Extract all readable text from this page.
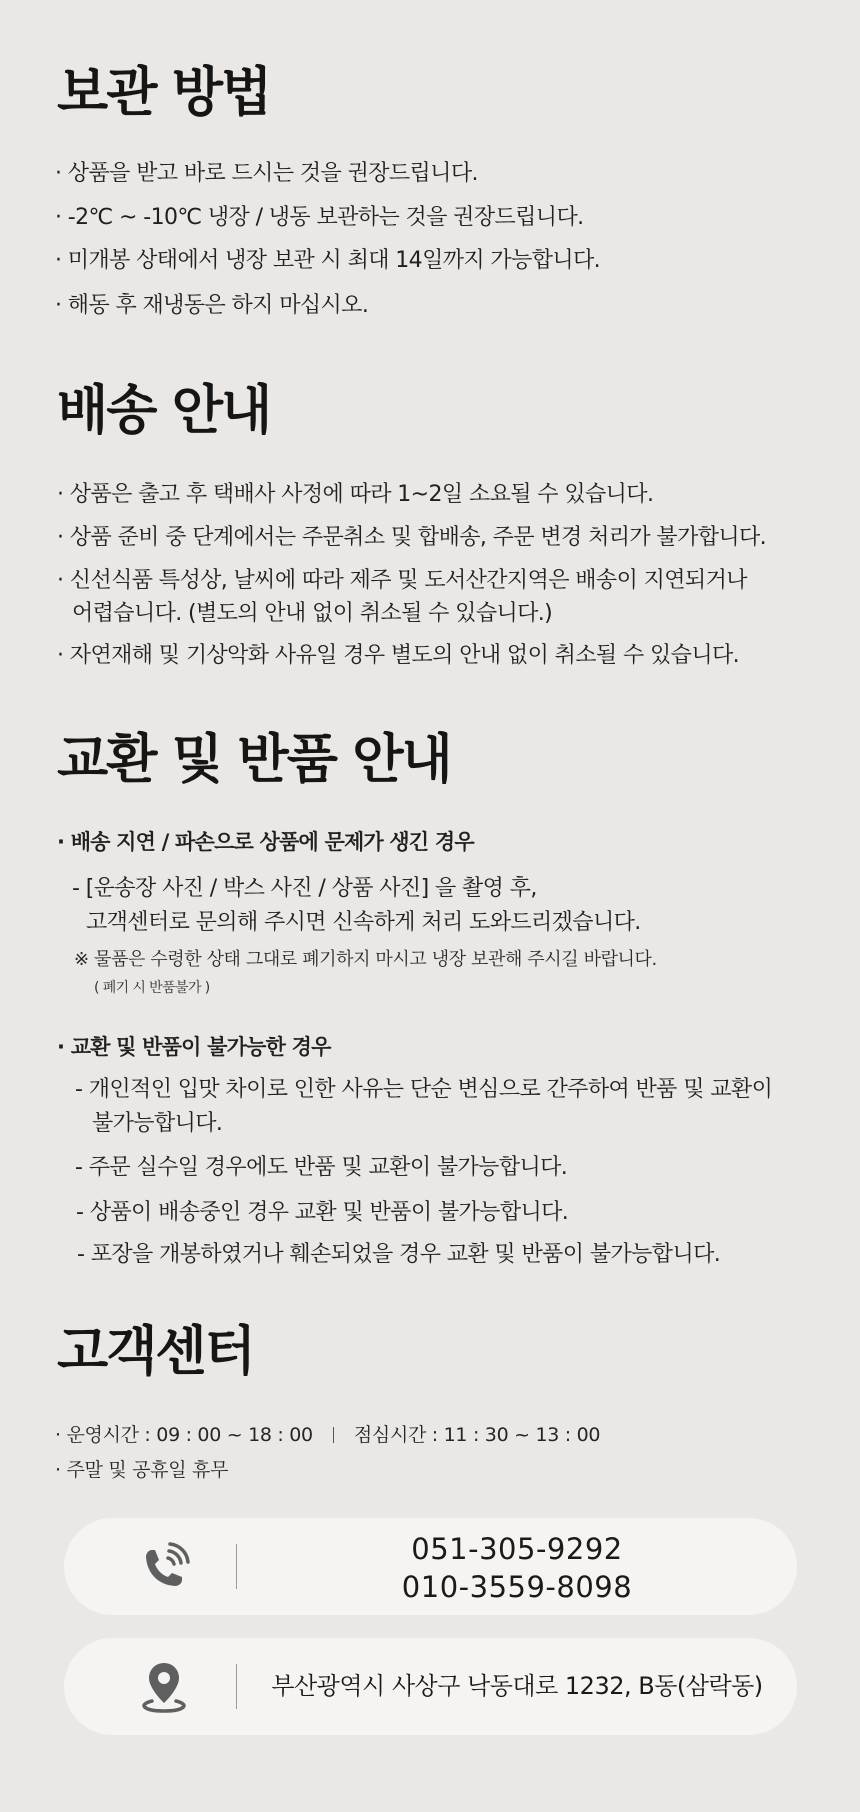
보관 방법
· 상품을 받고 바로 드시는 것을 권장드립니다.
· -2℃ ~ -10℃ 냉장 / 냉동 보관하는 것을 권장드립니다.
· 미개봉 상태에서 냉장 보관 시 최대 14일까지 가능합니다.
· 해동 후 재냉동은 하지 마십시오.
배송 안내
· 상품은 출고 후 택배사 사정에 따라 1~2일 소요될 수 있습니다.
· 상품 준비 중 단계에서는 주문취소 및 합배송, 주문 변경 처리가 불가합니다.
· 신선식품 특성상, 날씨에 따라 제주 및 도서산간지역은 배송이 지연되거나
어렵습니다. (별도의 안내 없이 취소될 수 있습니다.)
· 자연재해 및 기상악화 사유일 경우 별도의 안내 없이 취소될 수 있습니다.
교환 및 반품 안내
· 배송 지연 / 파손으로 상품에 문제가 생긴 경우
- [운송장 사진 / 박스 사진 / 상품 사진] 을 촬영 후,
고객센터로 문의해 주시면 신속하게 처리 도와드리겠습니다.
※ 물품은 수령한 상태 그대로 폐기하지 마시고 냉장 보관해 주시길 바랍니다.
( 폐기 시 반품불가 )
· 교환 및 반품이 불가능한 경우
- 개인적인 입맛 차이로 인한 사유는 단순 변심으로 간주하여 반품 및 교환이
불가능합니다.
- 주문 실수일 경우에도 반품 및 교환이 불가능합니다.
- 상품이 배송중인 경우 교환 및 반품이 불가능합니다.
- 포장을 개봉하였거나 훼손되었을 경우 교환 및 반품이 불가능합니다.
고객센터
· 운영시간 : 09 : 00 ~ 18 : 00 점심시간 : 11 : 30 ~ 13 : 00
· 주말 및 공휴일 휴무
051-305-9292
010-3559-8098
부산광역시 사상구 낙동대로 1232, B동(삼락동)
